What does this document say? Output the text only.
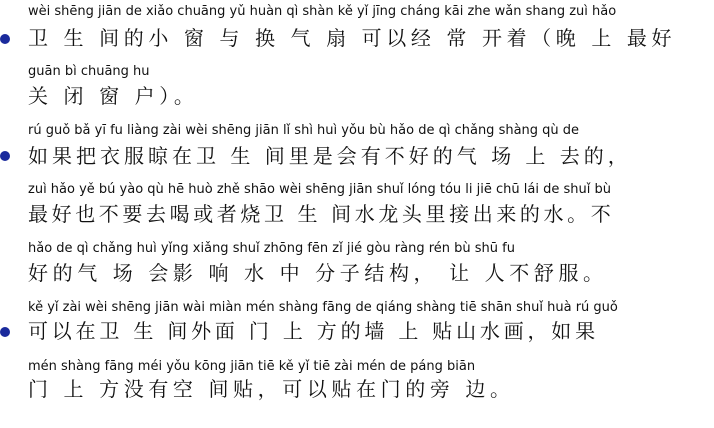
wèi shēng jiān de xiǎo chuāng yǔ huàn qì shàn kě yǐ jīng cháng kāi zhe wǎn shang zuì hǎo
卫 生 间的小 窗 与 换 气 扇 可以经 常 开着（晚 上 最好
guān bì chuāng hu
关 闭 窗 户）。
rú guǒ bǎ yī fu liàng zài wèi shēng jiān lǐ shì huì yǒu bù hǎo de qì chǎng shàng qù de
如果把衣服晾在卫 生 间里是会有不好的气 场 上 去的，
zuì hǎo yě bú yào qù hē huò zhě shāo wèi shēng jiān shuǐ lóng tóu li jiē chū lái de shuǐ bù
最好也不要去喝或者烧卫 生 间水龙头里接出来的水。不
hǎo de qì chǎng huì yǐng xiǎng shuǐ zhōng fēn zǐ jié gòu ràng rén bù shū fu
好的气 场 会影 响 水 中 分子结构， 让 人不舒服。
kě yǐ zài wèi shēng jiān wài miàn mén shàng fāng de qiáng shàng tiē shān shuǐ huà rú guǒ
可以在卫 生 间外面 门 上 方的墙 上 贴山水画，如果
mén shàng fāng méi yǒu kōng jiān tiē kě yǐ tiē zài mén de páng biān
门 上 方没有空 间贴，可以贴在门的旁 边。
